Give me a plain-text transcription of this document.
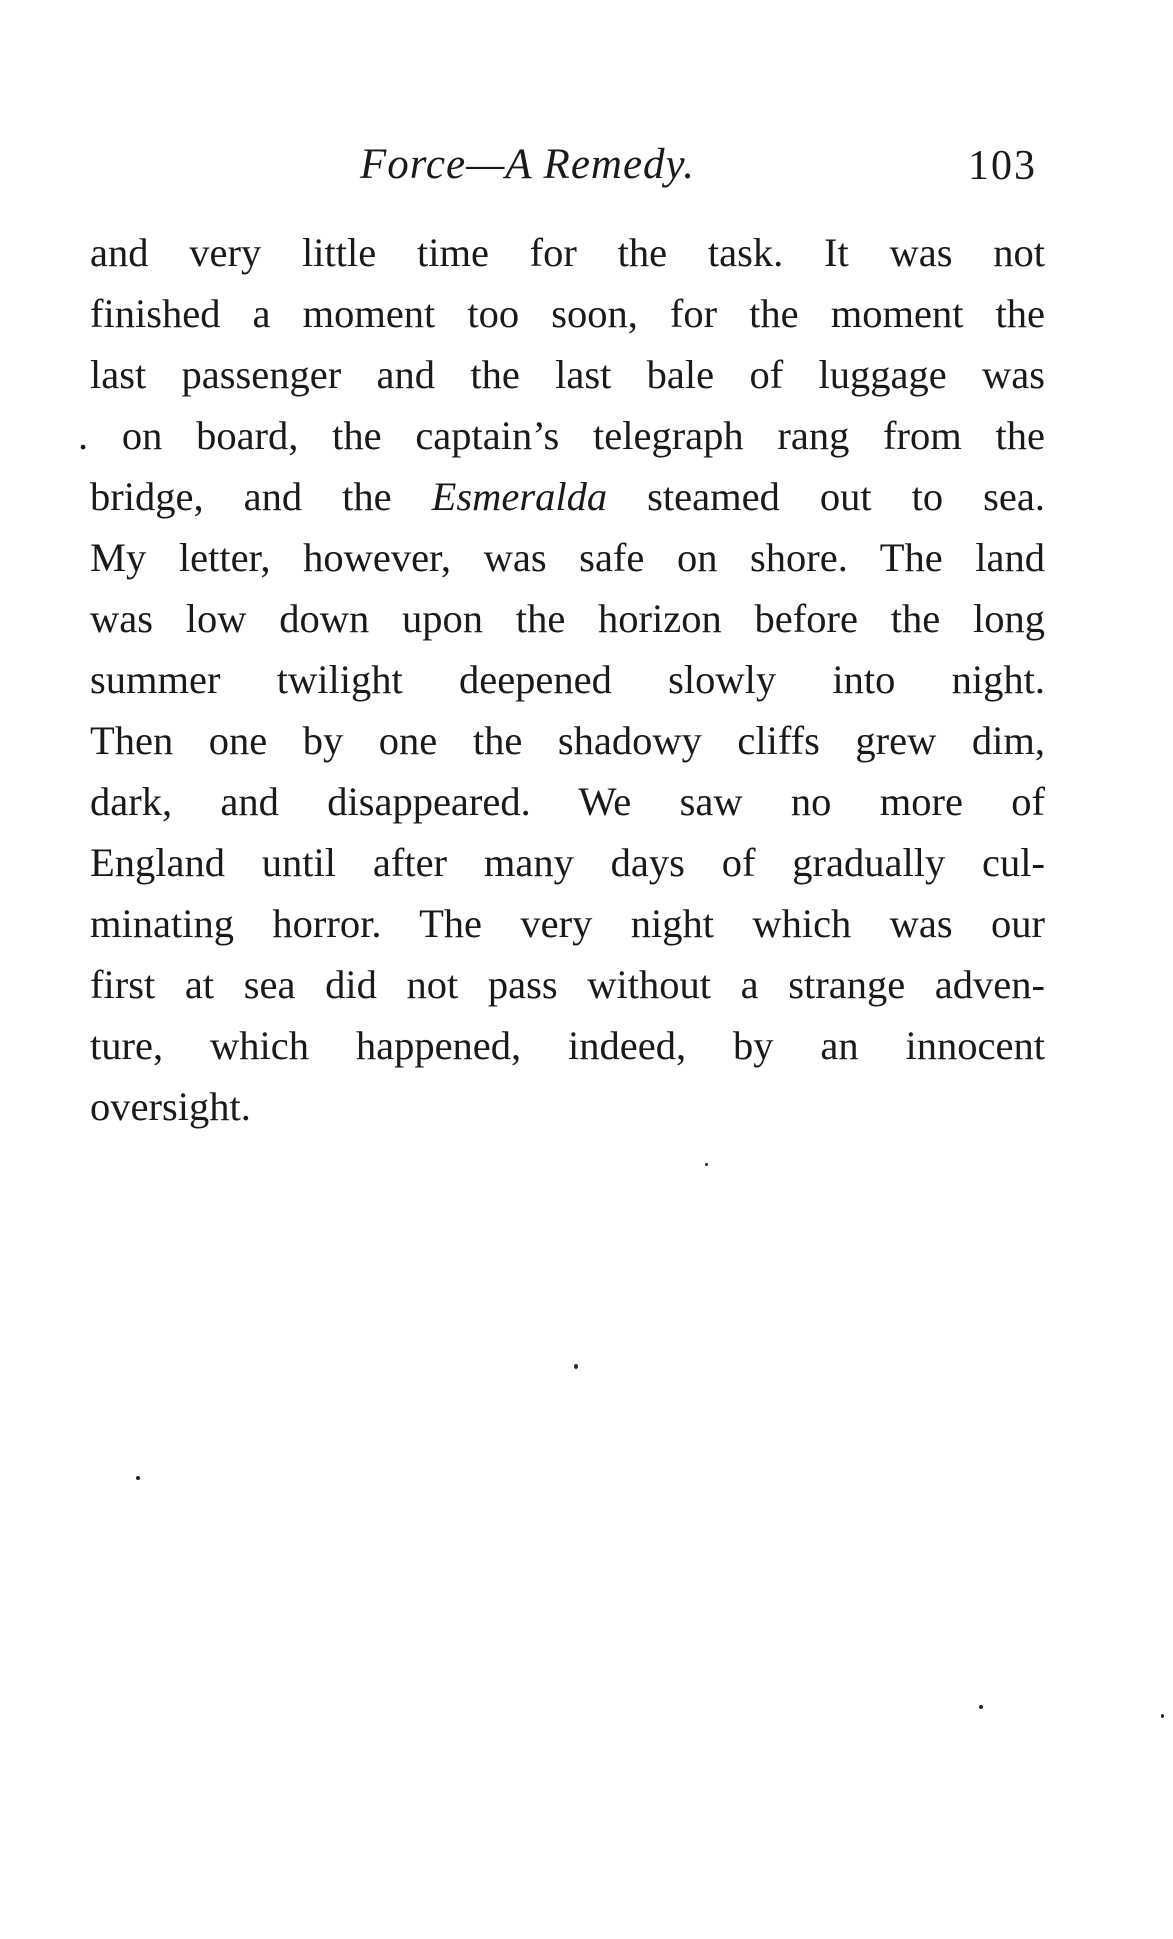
Force—A Remedy.	103
and very little time for the task. It was not
finished a moment too soon, for the moment the
last passenger and the last bale of luggage was
. on board, the captain’s telegraph rang from the
bridge, and the Esmeralda steamed out to sea.
My letter, however, was safe on shore. The land
was low down upon the horizon before the long
summer twilight deepened slowly into night.
Then one by one the shadowy cliffs grew dim,
dark, and disappeared. We saw no more of
England until after many days of gradually cul-
minating horror. The very night which was our
first at sea did not pass without a strange adven-
ture, which happened, indeed, by an innocent
oversight.
